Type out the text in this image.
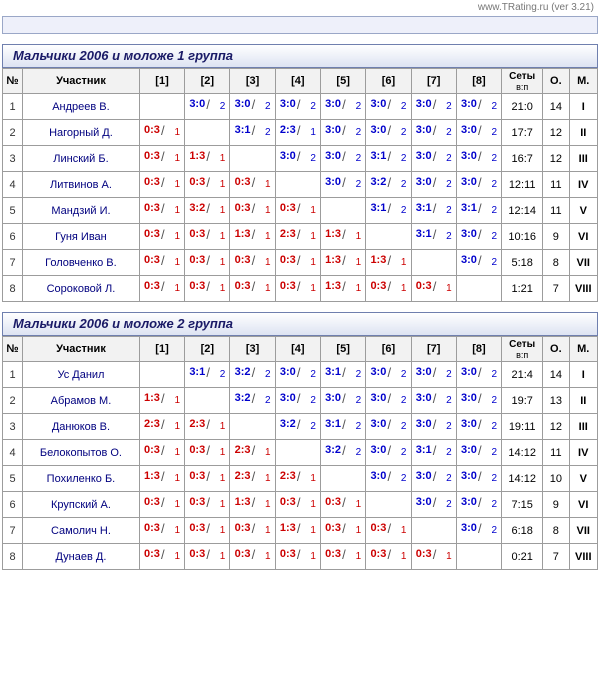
www.TRating.ru (ver 3.21)

Мальчики 2006 и моложе 1 группа
№	Участник	[1]	[2]	[3]	[4]	[5]	[6]	[7]	[8]	Сеты
в:п	О.	М.
1	Андреев В.		3:0 / 2	3:0 / 2	3:0 / 2	3:0 / 2	3:0 / 2	3:0 / 2	3:0 / 2	21:0	14	I
2	Нагорный Д.	0:3 / 1		3:1 / 2	2:3 / 1	3:0 / 2	3:0 / 2	3:0 / 2	3:0 / 2	17:7	12	II
3	Линский Б.	0:3 / 1	1:3 / 1		3:0 / 2	3:0 / 2	3:1 / 2	3:0 / 2	3:0 / 2	16:7	12	III
4	Литвинов А.	0:3 / 1	0:3 / 1	0:3 / 1		3:0 / 2	3:2 / 2	3:0 / 2	3:0 / 2	12:11	11	IV
5	Мандзий И.	0:3 / 1	3:2 / 1	0:3 / 1	0:3 / 1		3:1 / 2	3:1 / 2	3:1 / 2	12:14	11	V
6	Гуня Иван	0:3 / 1	0:3 / 1	1:3 / 1	2:3 / 1	1:3 / 1		3:1 / 2	3:0 / 2	10:16	9	VI
7	Головченко В.	0:3 / 1	0:3 / 1	0:3 / 1	0:3 / 1	1:3 / 1	1:3 / 1		3:0 / 2	5:18	8	VII
8	Сороковой Л.	0:3 / 1	0:3 / 1	0:3 / 1	0:3 / 1	1:3 / 1	0:3 / 1	0:3 / 1		1:21	7	VIII
Мальчики 2006 и моложе 2 группа
№	Участник	[1]	[2]	[3]	[4]	[5]	[6]	[7]	[8]	Сеты
в:п	О.	М.
1	Ус Данил		3:1 / 2	3:2 / 2	3:0 / 2	3:1 / 2	3:0 / 2	3:0 / 2	3:0 / 2	21:4	14	I
2	Абрамов М.	1:3 / 1		3:2 / 2	3:0 / 2	3:0 / 2	3:0 / 2	3:0 / 2	3:0 / 2	19:7	13	II
3	Данюков В.	2:3 / 1	2:3 / 1		3:2 / 2	3:1 / 2	3:0 / 2	3:0 / 2	3:0 / 2	19:11	12	III
4	Белокопытов О.	0:3 / 1	0:3 / 1	2:3 / 1		3:2 / 2	3:0 / 2	3:1 / 2	3:0 / 2	14:12	11	IV
5	Похиленко Б.	1:3 / 1	0:3 / 1	2:3 / 1	2:3 / 1		3:0 / 2	3:0 / 2	3:0 / 2	14:12	10	V
6	Крупский А.	0:3 / 1	0:3 / 1	1:3 / 1	0:3 / 1	0:3 / 1		3:0 / 2	3:0 / 2	7:15	9	VI
7	Самолич Н.	0:3 / 1	0:3 / 1	0:3 / 1	1:3 / 1	0:3 / 1	0:3 / 1		3:0 / 2	6:18	8	VII
8	Дунаев Д.	0:3 / 1	0:3 / 1	0:3 / 1	0:3 / 1	0:3 / 1	0:3 / 1	0:3 / 1		0:21	7	VIII
